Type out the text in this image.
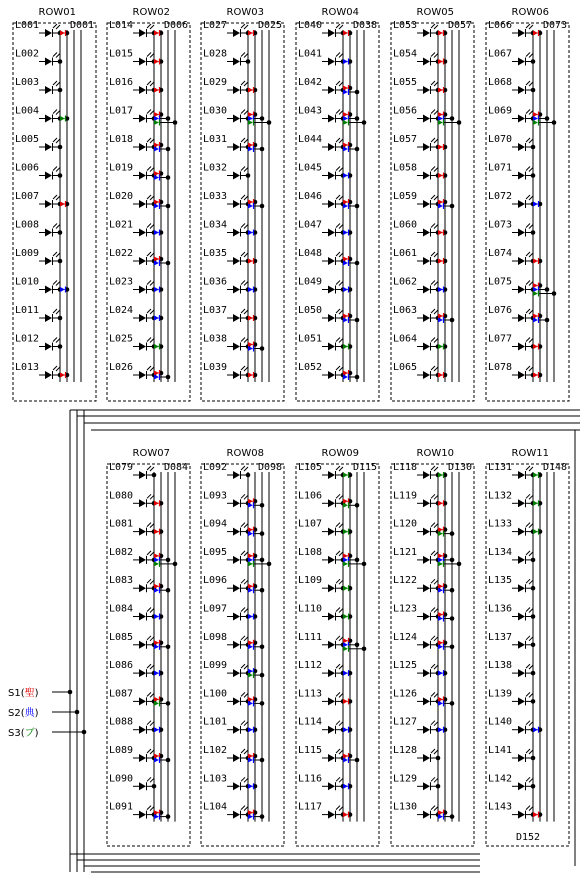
ROW01
L001
L002
L003
L004
L005
L006
L007
L008
L009
L010
L011
L012
L013
D001
ROW02
L014
L015
L016
L017
L018
L019
L020
L021
L022
L023
L024
L025
L026
D006
ROW03
L027
L028
L029
L030
L031
L032
L033
L034
L035
L036
L037
L038
L039
D025
ROW04
L040
L041
L042
L043
L044
L045
L046
L047
L048
L049
L050
L051
L052
D038
ROW05
L053
L054
L055
L056
L057
L058
L059
L060
L061
L062
L063
L064
L065
D057
ROW06
L066
L067
L068
L069
L070
L071
L072
L073
L074
L075
L076
L077
L078
D073
ROW07
L079
L080
L081
L082
L083
L084
L085
L086
L087
L088
L089
L090
L091
D084
ROW08
L092
L093
L094
L095
L096
L097
L098
L099
L100
L101
L102
L103
L104
D098
ROW09
L105
L106
L107
L108
L109
L110
L111
L112
L113
L114
L115
L116
L117
D115
ROW10
L118
L119
L120
L121
L122
L123
L124
L125
L126
L127
L128
L129
L130
D130
ROW11
L131
L132
L133
L134
L135
L136
L137
L138
L139
L140
L141
L142
L143
D148
D152
S1(聖)
S2(典)
S3(ブ)
